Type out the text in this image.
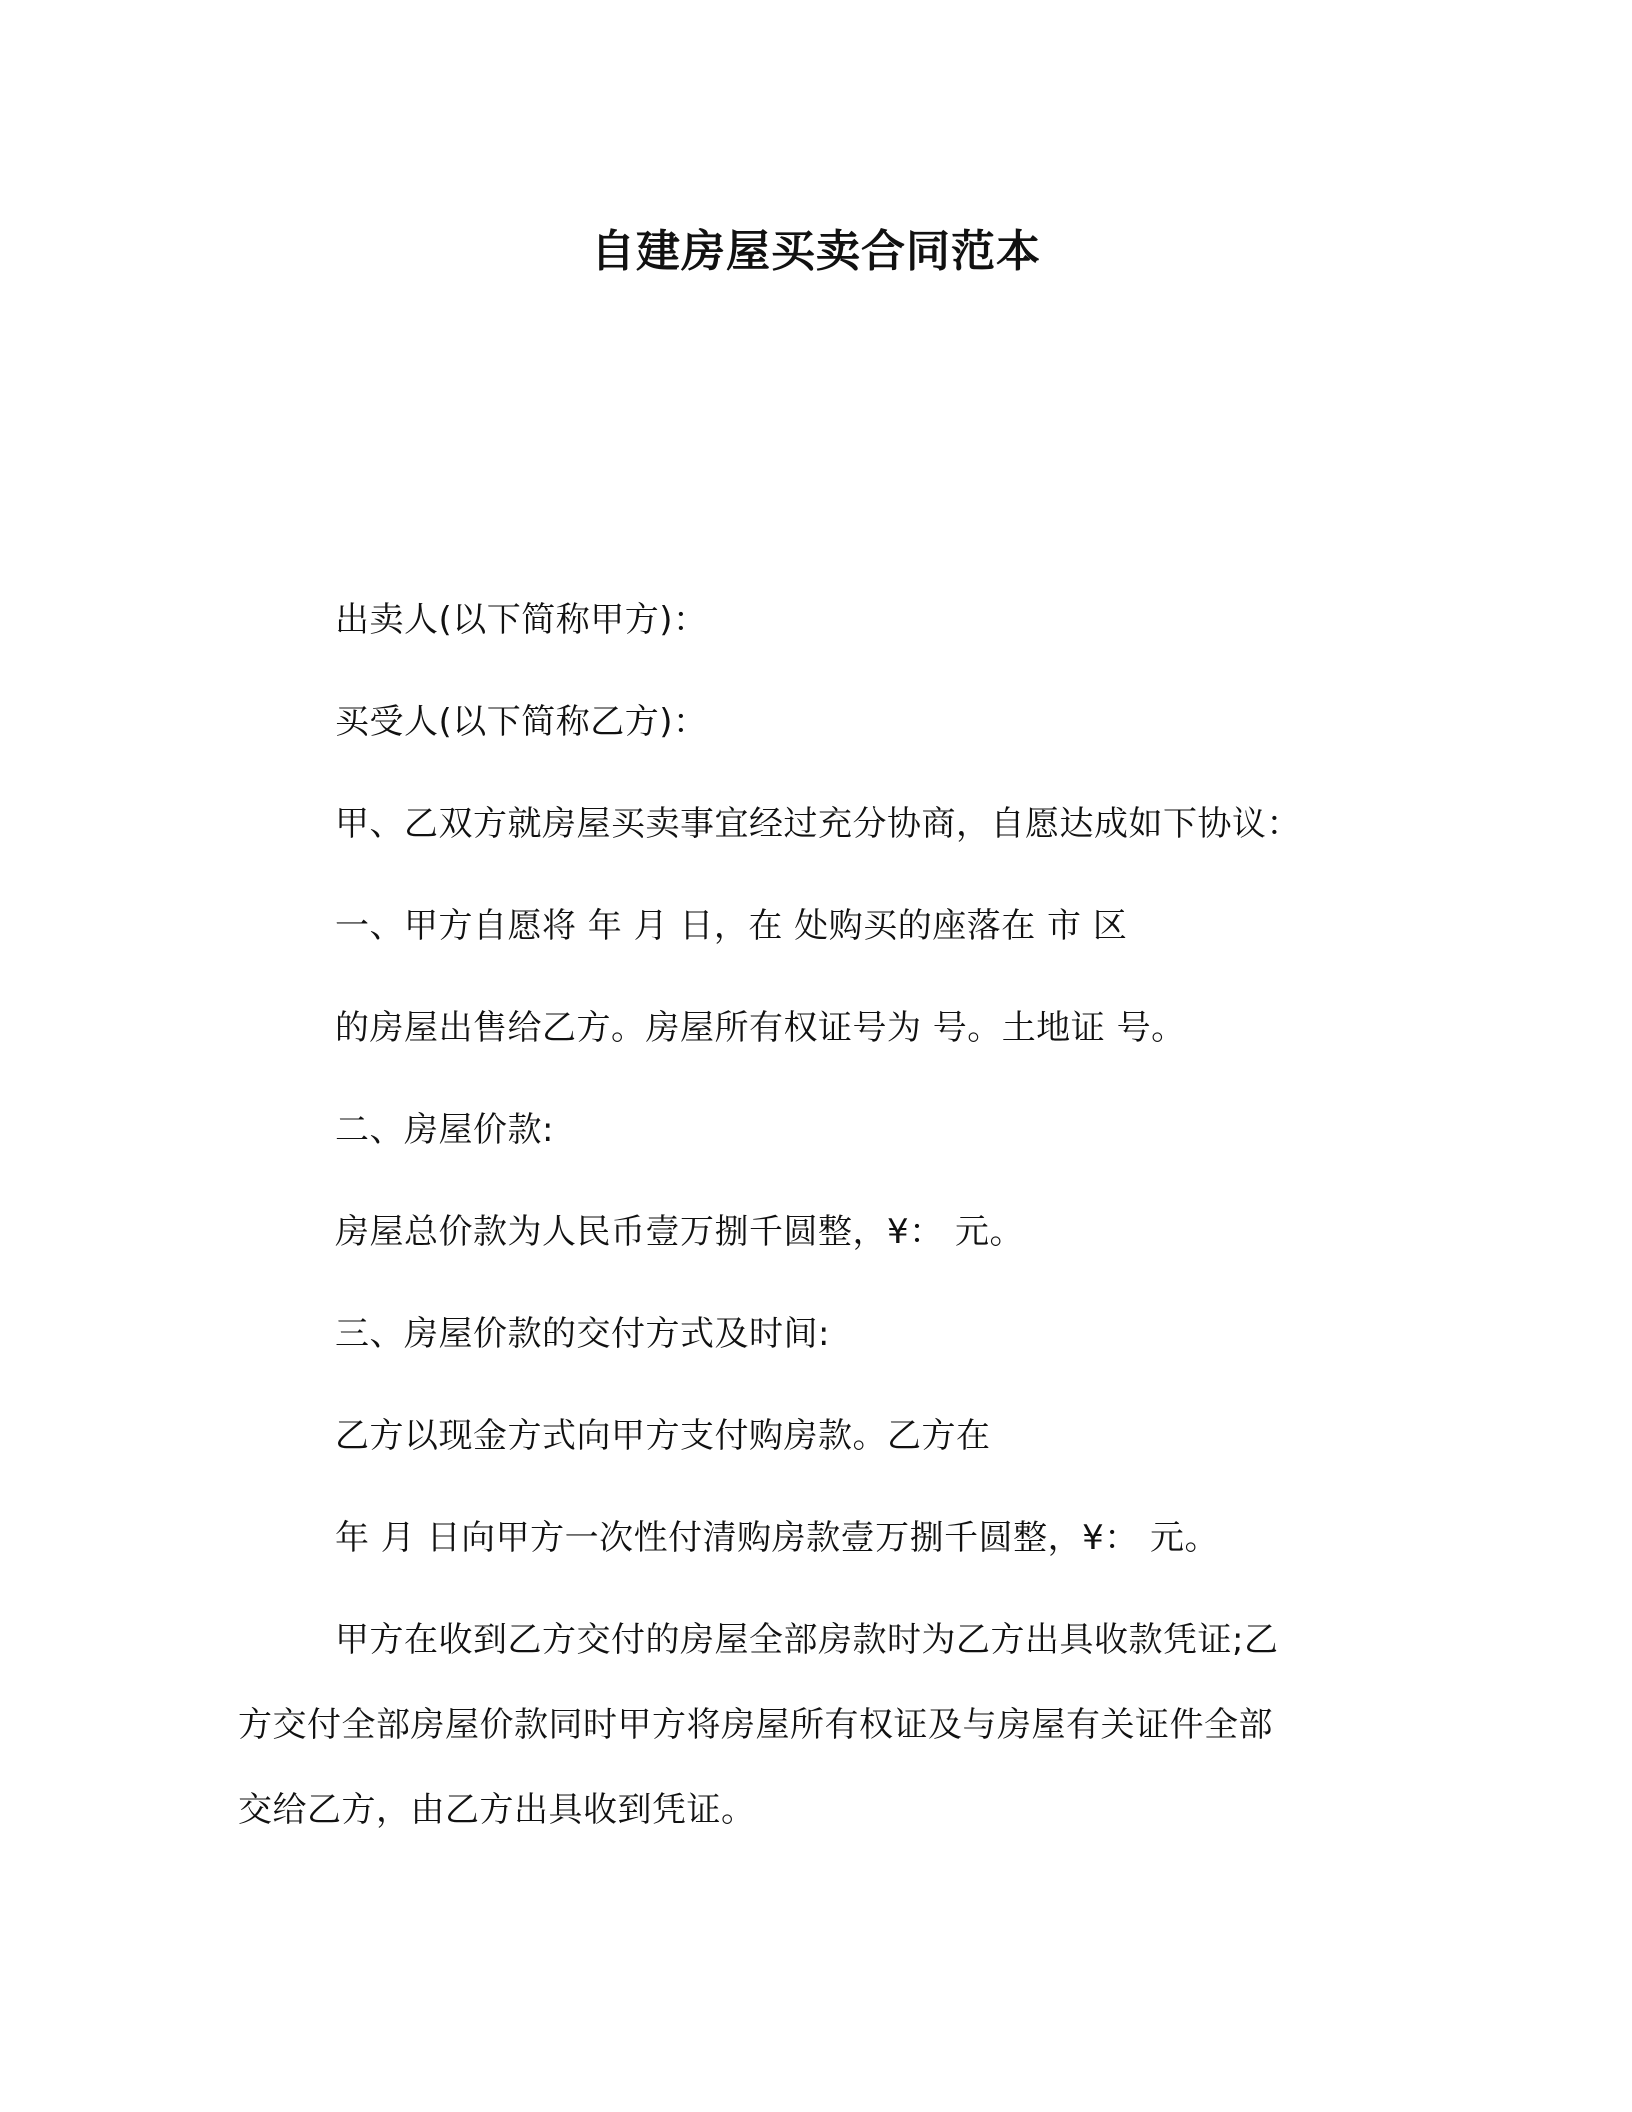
自建房屋买卖合同范本
出卖人(以下简称甲方)：
买受人(以下简称乙方)：
甲、乙双方就房屋买卖事宜经过充分协商，自愿达成如下协议：
一、甲方自愿将 年 月 日，在 处购买的座落在 市 区
的房屋出售给乙方。房屋所有权证号为 号。土地证 号。
二、房屋价款:
房屋总价款为人民币壹万捌千圆整，¥： 元。
三、房屋价款的交付方式及时间:
乙方以现金方式向甲方支付购房款。乙方在
年 月 日向甲方一次性付清购房款壹万捌千圆整，¥： 元。
甲方在收到乙方交付的房屋全部房款时为乙方出具收款凭证;乙
方交付全部房屋价款同时甲方将房屋所有权证及与房屋有关证件全部
交给乙方，由乙方出具收到凭证。
